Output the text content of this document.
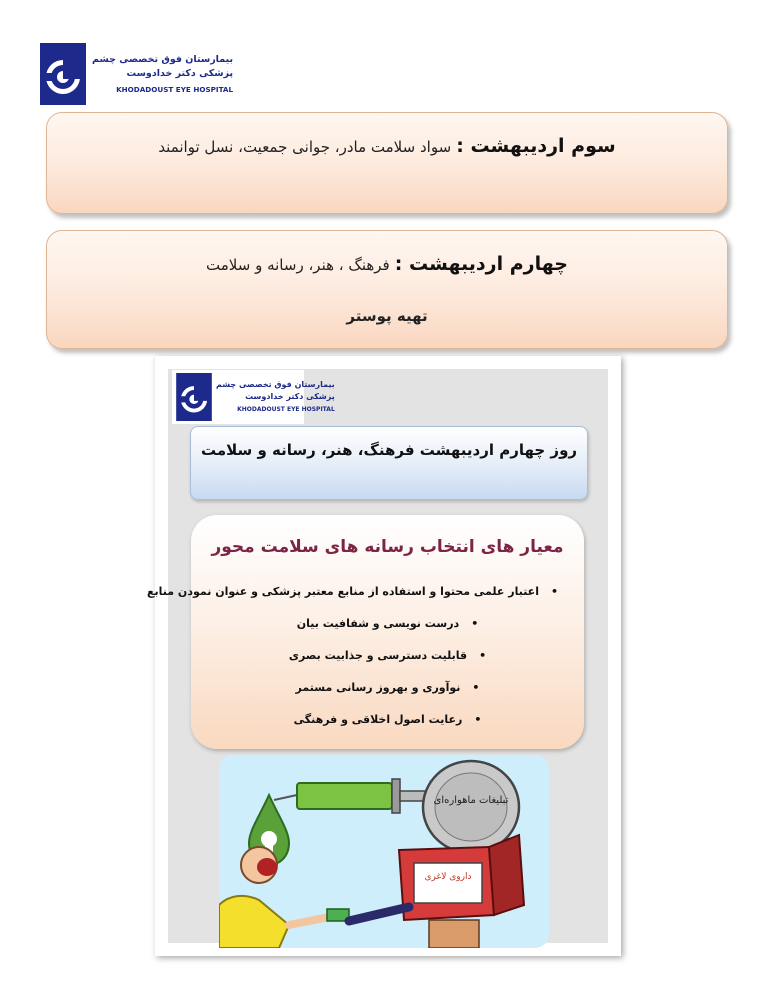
بیمارستان فوق تخصصی چشم
پزشکی دکتر خدادوست
KHODADOUST EYE HOSPITAL
سوم اردیبهشت : سواد سلامت مادر، جوانی جمعیت، نسل توانمند
چهارم اردیبهشت : فرهنگ ، هنر، رسانه و سلامت
تهیه پوستر
بیمارستان فوق تخصصی چشم
پزشکی دکتر خدادوست
KHODADOUST EYE HOSPITAL
روز چهارم اردیبهشت فرهنگ، هنر، رسانه و سلامت
معیار های انتخاب رسانه های سلامت محور
•اعتبار علمی محتوا و استفاده از منابع معتبر پزشکی و عنوان نمودن منابع
•درست نویسی و شفافیت بیان
•قابلیت دسترسی و جذابیت بصری
•نوآوری و بهروز رسانی مستمر
•رعایت اصول اخلاقی و فرهنگی
تبلیغات ماهواره‌ای
داروی لاغری
